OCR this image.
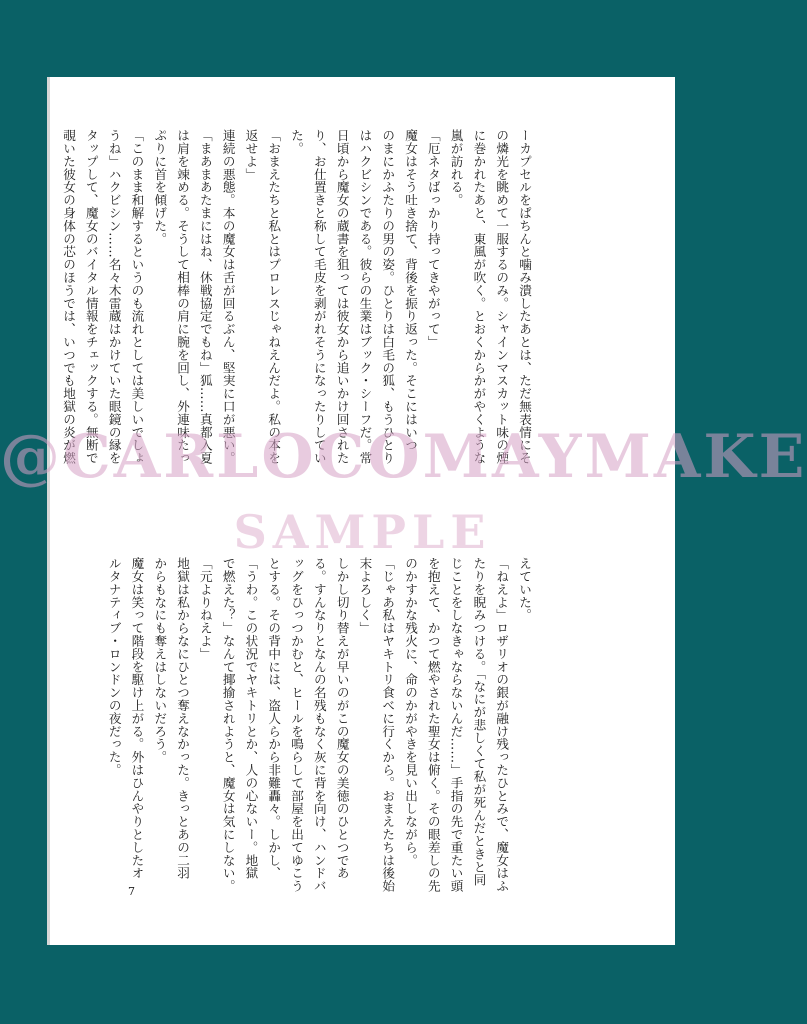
ーカプセルをぱちんと噛み潰したあとは、ただ無表情にそ

の燐光を眺めて一服するのみ。シャインマスカット味の煙

に巻かれたあと、東風が吹く。とおくからかがやくような

嵐が訪れる。

「厄ネタばっかり持ってきやがって」

魔女はそう吐き捨て、背後を振り返った。そこにはいつ

のまにかふたりの男の姿。ひとりは白毛の狐、もうひとり

はハクビシンである。彼らの生業はブック・シーフだ。常

日頃から魔女の蔵書を狙っては彼女から追いかけ回された

り、お仕置きと称して毛皮を剥がれそうになったりしてい

た。

「おまえたちと私とはプロレスじゃねえんだよ。私の本を

返せよ」

連続の悪態。本の魔女は舌が回るぶん、堅実に口が悪い。

「まあまあたまにはね、休戦協定でもね」狐……真都入夏

は肩を竦める。そうして相棒の肩に腕を回し、外連味たっ

ぷりに首を傾げた。

「このまま和解するというのも流れとしては美しいでしょ

うね」ハクビシン……名々木雷蔵はかけていた眼鏡の縁を

タップして、魔女のバイタル情報をチェックする。無断で

覗いた彼女の身体の芯のほうでは、いつでも地獄の炎が燃

えていた。

「ねえよ」ロザリオの銀が融け残ったひとみで、魔女はふ

たりを睨みつける。「なにが悲しくて私が死んだときと同

じことをしなきゃならないんだ……」手指の先で重たい頭

を抱えて、かつて燃やされた聖女は俯く。その眼差しの先

のかすかな残火に、命のかがやきを見い出しながら。

「じゃあ私はヤキトリ食べに行くから。おまえたちは後始

末よろしく」

しかし切り替えが早いのがこの魔女の美徳のひとつであ

る。すんなりとなんの名残もなく灰に背を向け、ハンドバ

ッグをひっつかむと、ヒールを鳴らして部屋を出てゆこう

とする。その背中には、盗人らから非難轟々。しかし、

「うわ。この状況でヤキトリとか、人の心ないー。地獄

で燃えた？」なんて揶揄されようと、魔女は気にしない。

「元よりねえよ」

地獄は私からなにひとつ奪えなかった。きっとあの二羽

からもなにも奪えはしないだろう。

魔女は笑って階段を駆け上がる。外はひんやりとしたオ

ルタナティブ・ロンドンの夜だった。

7
@CARLOCOMAYMAKE
SAMPLE
